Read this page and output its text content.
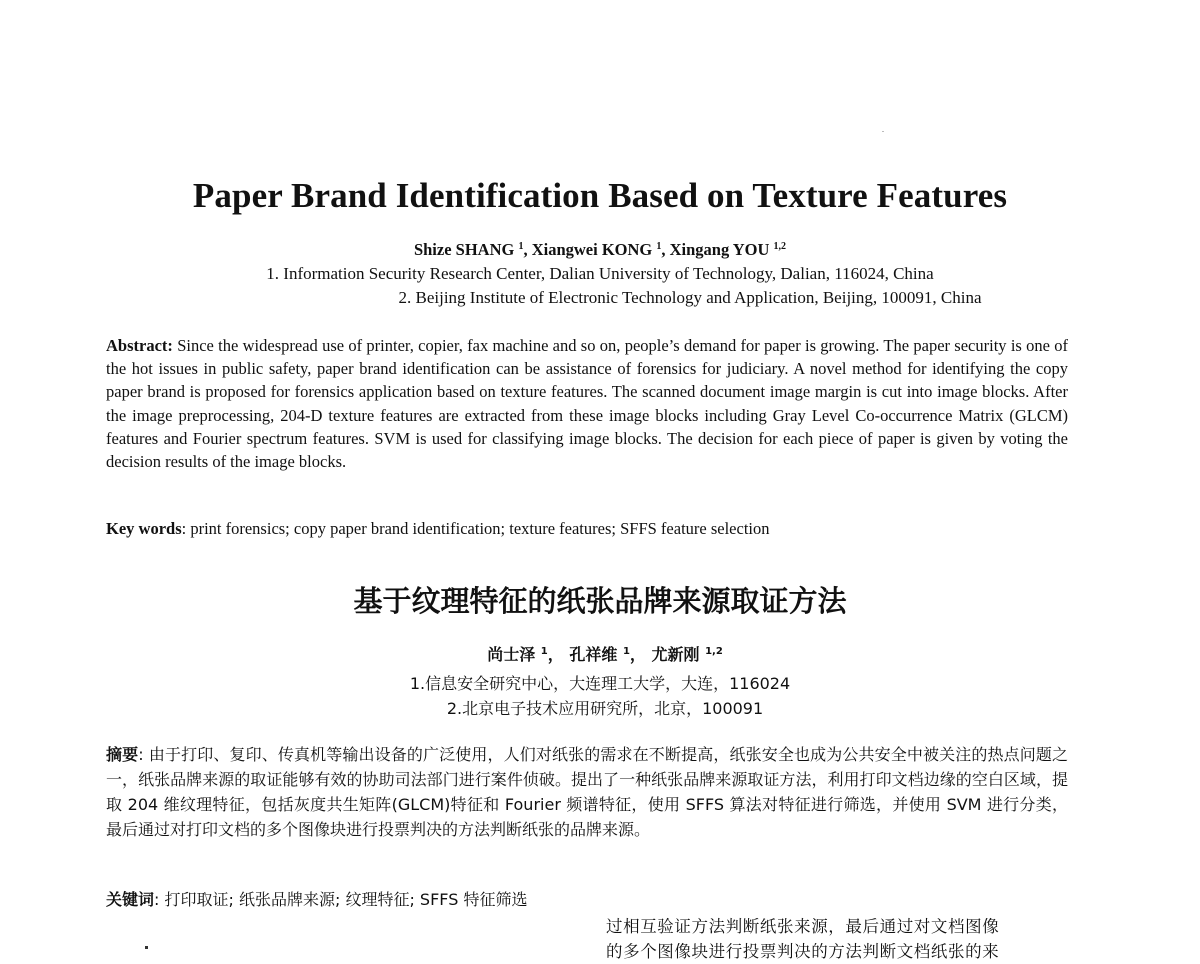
Paper Brand Identification Based on Texture Features
Shize SHANG $^1$, Xiangwei KONG $^1$, Xingang YOU $^{1,2}$
1. Information Security Research Center, Dalian University of Technology, Dalian, 116024, China
2. Beijing Institute of Electronic Technology and Application, Beijing, 100091, China
Abstract: Since the widespread use of printer, copier, fax machine and so on, people’s demand for paper is growing. The paper security is one of the hot issues in public safety, paper brand identification can be assistance of forensics for judiciary. A novel method for identifying the copy paper brand is proposed for forensics application based on texture features. The scanned document image margin is cut into image blocks. After the image preprocessing, 204-D texture features are extracted from these image blocks including Gray Level Co-occurrence Matrix (GLCM) features and Fourier spectrum features. SVM is used for classifying image blocks. The decision for each piece of paper is given by voting the decision results of the image blocks.
Key words: print forensics; copy paper brand identification; texture features; SFFS feature selection
基于纹理特征的纸张品牌来源取证方法
尚士泽 $^1$， 孔祥维 $^1$， 尤新刚 $^{1,2}$
1.信息安全研究中心，大连理工大学，大连，116024
2.北京电子技术应用研究所，北京，100091
摘要: 由于打印、复印、传真机等输出设备的广泛使用，人们对纸张的需求在不断提高，纸张安全也成为公共安全中被关注的热点问题之一，纸张品牌来源的取证能够有效的协助司法部门进行案件侦破。提出了一种纸张品牌来源取证方法，利用打印文档边缘的空白区域，提取 204 维纹理特征，包括灰度共生矩阵(GLCM)特征和 Fourier 频谱特征，使用 SFFS 算法对特征进行筛选，并使用 SVM 进行分类，最后通过对打印文档的多个图像块进行投票判决的方法判断纸张的品牌来源。
关键词: 打印取证; 纸张品牌来源; 纹理特征; SFFS 特征筛选
过相互验证方法判断纸张来源，最后通过对文档图像
的多个图像块进行投票判决的方法判断文档纸张的来
